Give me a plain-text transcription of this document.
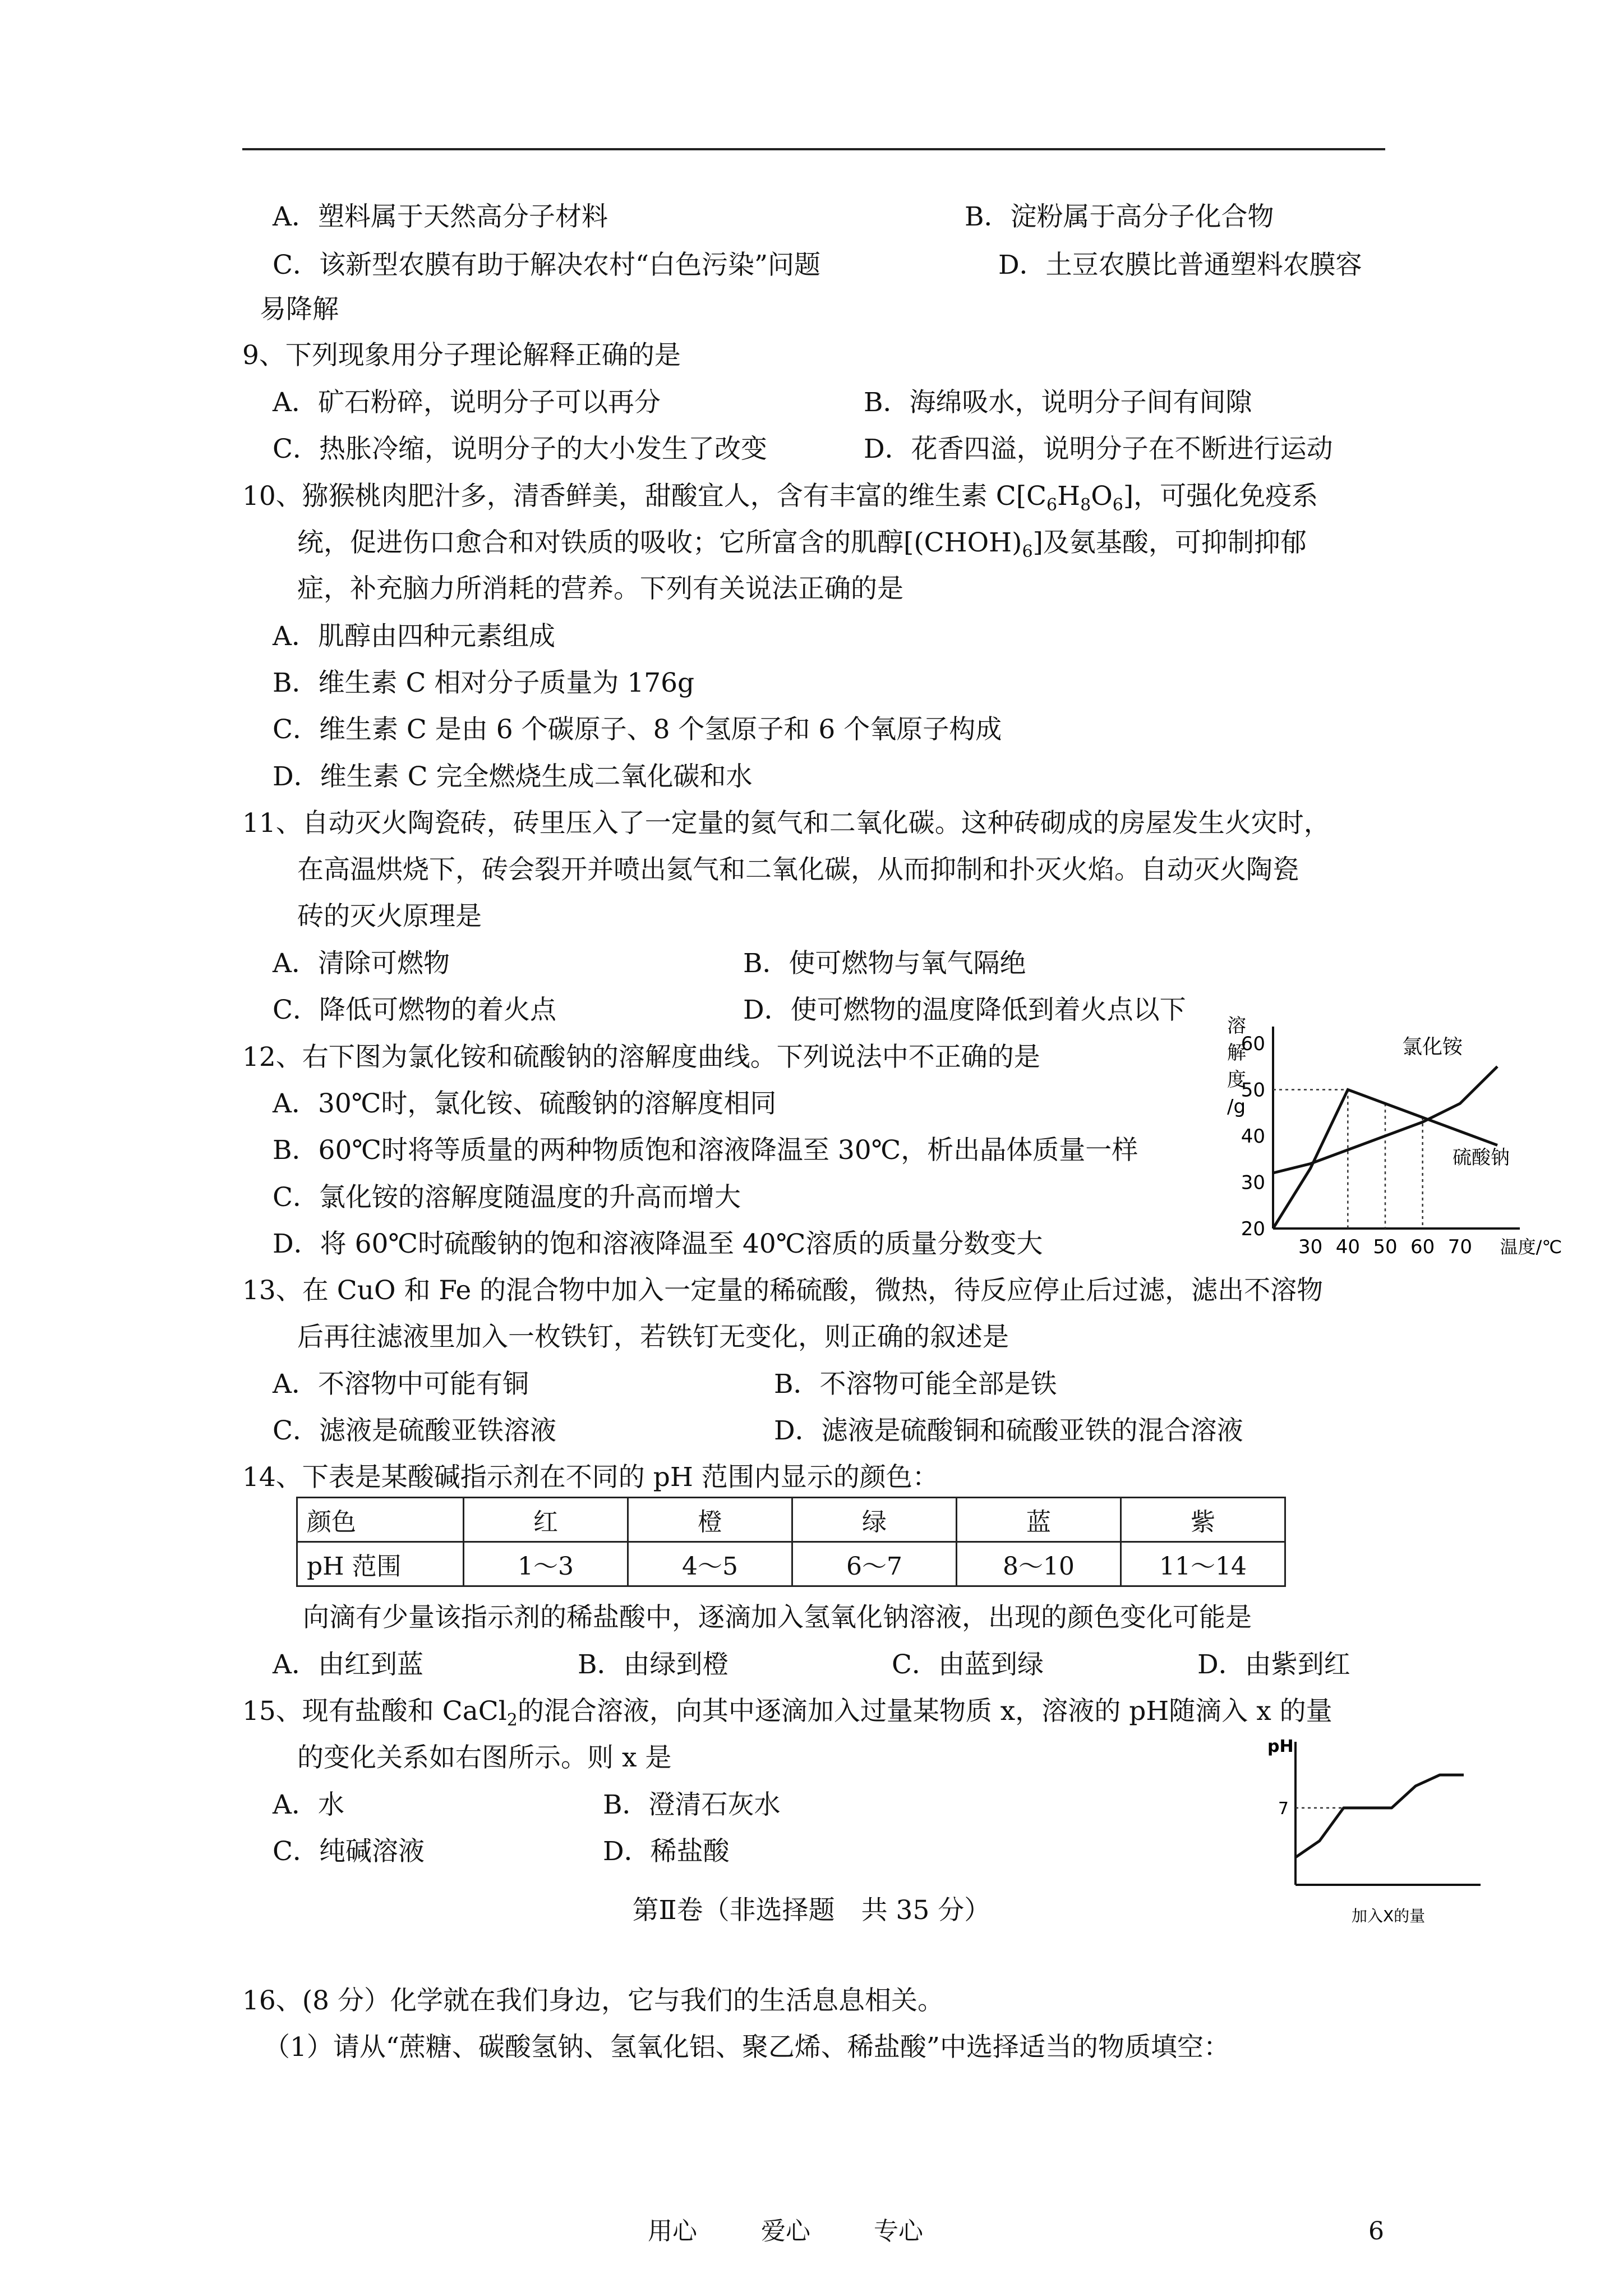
A．塑料属于天然高分子材料	B．淀粉属于高分子化合物
C．该新型农膜有助于解决农村“白色污染”问题	D．土豆农膜比普通塑料农膜容
易降解
9、下列现象用分子理论解释正确的是
A．矿石粉碎，说明分子可以再分	B．海绵吸水，说明分子间有间隙
C．热胀冷缩，说明分子的大小发生了改变	D．花香四溢，说明分子在不断进行运动
10、猕猴桃肉肥汁多，清香鲜美，甜酸宜人，含有丰富的维生素 $C[C_6H_8O_6]$，可强化免疫系
统，促进伤口愈合和对铁质的吸收；它所富含的肌醇$[(CHOH)_6]$及氨基酸，可抑制抑郁
症，补充脑力所消耗的营养。下列有关说法正确的是
A．肌醇由四种元素组成
B．维生素 C 相对分子质量为 176g
C．维生素 C 是由 6 个碳原子、8 个氢原子和 6 个氧原子构成
D．维生素 C 完全燃烧生成二氧化碳和水
11、自动灭火陶瓷砖，砖里压入了一定量的氦气和二氧化碳。这种砖砌成的房屋发生火灾时，
在高温烘烧下，砖会裂开并喷出氦气和二氧化碳，从而抑制和扑灭火焰。自动灭火陶瓷
砖的灭火原理是
A．清除可燃物	B．使可燃物与氧气隔绝
C．降低可燃物的着火点	D．使可燃物的温度降低到着火点以下
12、右下图为氯化铵和硫酸钠的溶解度曲线。下列说法中不正确的是
A．30℃时，氯化铵、硫酸钠的溶解度相同
B．60℃时将等质量的两种物质饱和溶液降温至 30℃，析出晶体质量一样
C．氯化铵的溶解度随温度的升高而增大
D．将 60℃时硫酸钠的饱和溶液降温至 40℃溶质的质量分数变大
溶
解
度
/g
60
50
40
30
20
30 40 50 60 70 温度/℃
氯化铵
硫酸钠
13、在 CuO 和 Fe 的混合物中加入一定量的稀硫酸，微热，待反应停止后过滤，滤出不溶物
后再往滤液里加入一枚铁钉，若铁钉无变化，则正确的叙述是
A．不溶物中可能有铜	B．不溶物可能全部是铁
C．滤液是硫酸亚铁溶液	D．滤液是硫酸铜和硫酸亚铁的混合溶液
14、下表是某酸碱指示剂在不同的 pH 范围内显示的颜色：
颜色	红	橙	绿	蓝	紫
pH 范围	1～3	4～5	6～7	8～10	11～14
向滴有少量该指示剂的稀盐酸中，逐滴加入氢氧化钠溶液，出现的颜色变化可能是
A．由红到蓝	B．由绿到橙	C．由蓝到绿	D．由紫到红
15、现有盐酸和 CaCl$_2$的混合溶液，向其中逐滴加入过量某物质 x，溶液的 pH随滴入 x 的量
的变化关系如右图所示。则 x 是
A．水	B．澄清石灰水
C．纯碱溶液	D．稀盐酸
pH
7
加入X的量
第Ⅱ卷（非选择题　共 35 分）
16、(8 分）化学就在我们身边，它与我们的生活息息相关。
（1）请从“蔗糖、碳酸氢钠、氢氧化铝、聚乙烯、稀盐酸”中选择适当的物质填空：
用心	爱心	专心	6
